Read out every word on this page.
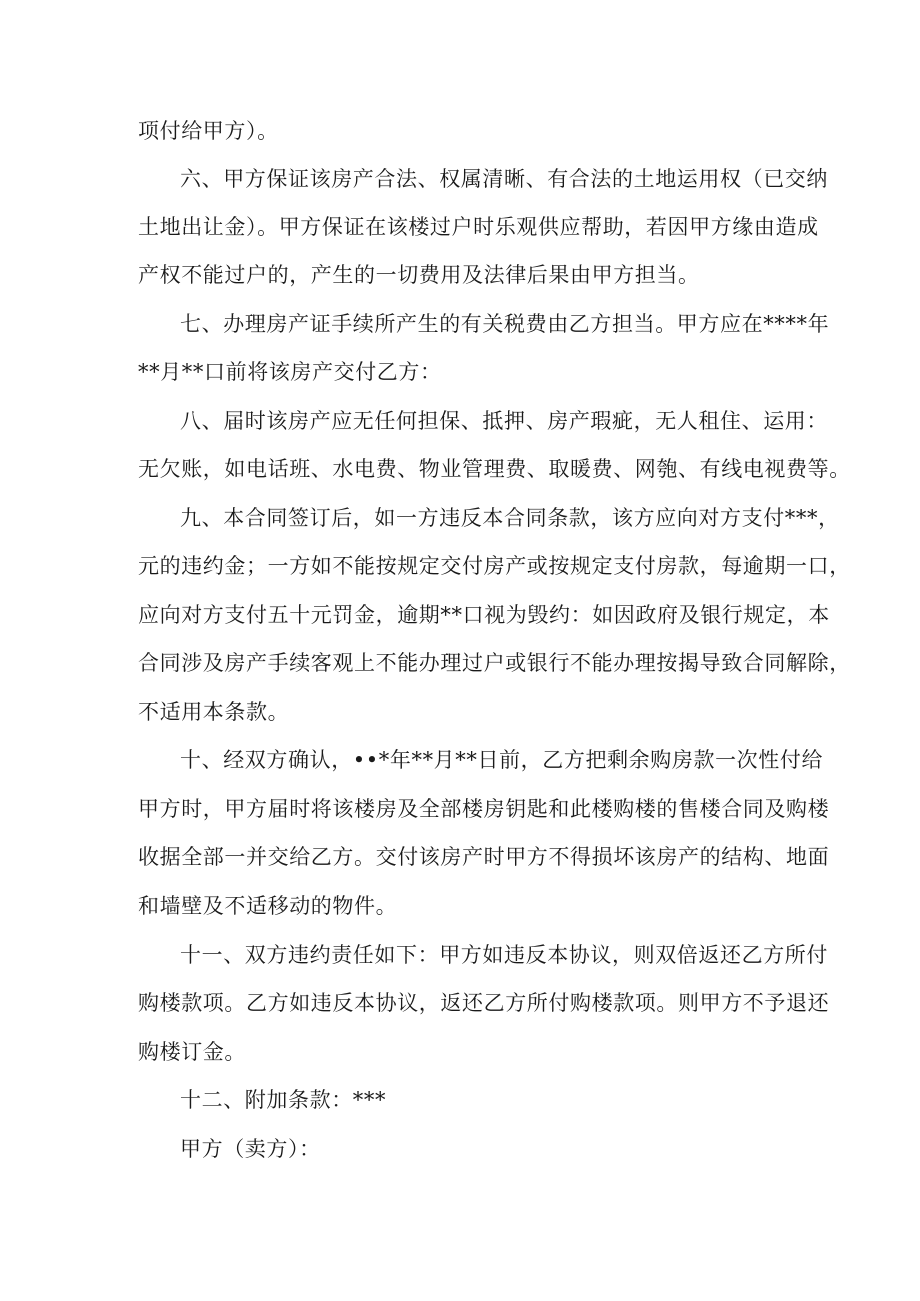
项付给甲方）。

六、甲方保证该房产合法、权属清晰、有合法的土地运用权（已交纳

土地出让金）。甲方保证在该楼过户时乐观供应帮助，若因甲方缘由造成

产权不能过户的，产生的一切费用及法律后果由甲方担当。

七、办理房产证手续所产生的有关税费由乙方担当。甲方应在****年

**月**口前将该房产交付乙方：

八、届时该房产应无任何担保、抵押、房产瑕疵，无人租住、运用：

无欠账，如电话班、水电费、物业管理费、取暖费、网匏、有线电视费等。

九、本合同签订后，如一方违反本合同条款，该方应向对方支付***，

元的违约金；一方如不能按规定交付房产或按规定支付房款，每逾期一口，

应向对方支付五十元罚金，逾期**口视为毁约：如因政府及银行规定，本

合同涉及房产手续客观上不能办理过户或银行不能办理按揭导致合同解除，

不适用本条款。

十、经双方确认，••*年**月**日前，乙方把剩余购房款一次性付给

甲方时，甲方届时将该楼房及全部楼房钥匙和此楼购楼的售楼合同及购楼

收据全部一并交给乙方。交付该房产时甲方不得损坏该房产的结构、地面

和墙壁及不适移动的物件。

十一、双方违约责任如下：甲方如违反本协议，则双倍返还乙方所付

购楼款项。乙方如违反本协议，返还乙方所付购楼款项。则甲方不予退还

购楼订金。

十二、附加条款：***

甲方（卖方）：
